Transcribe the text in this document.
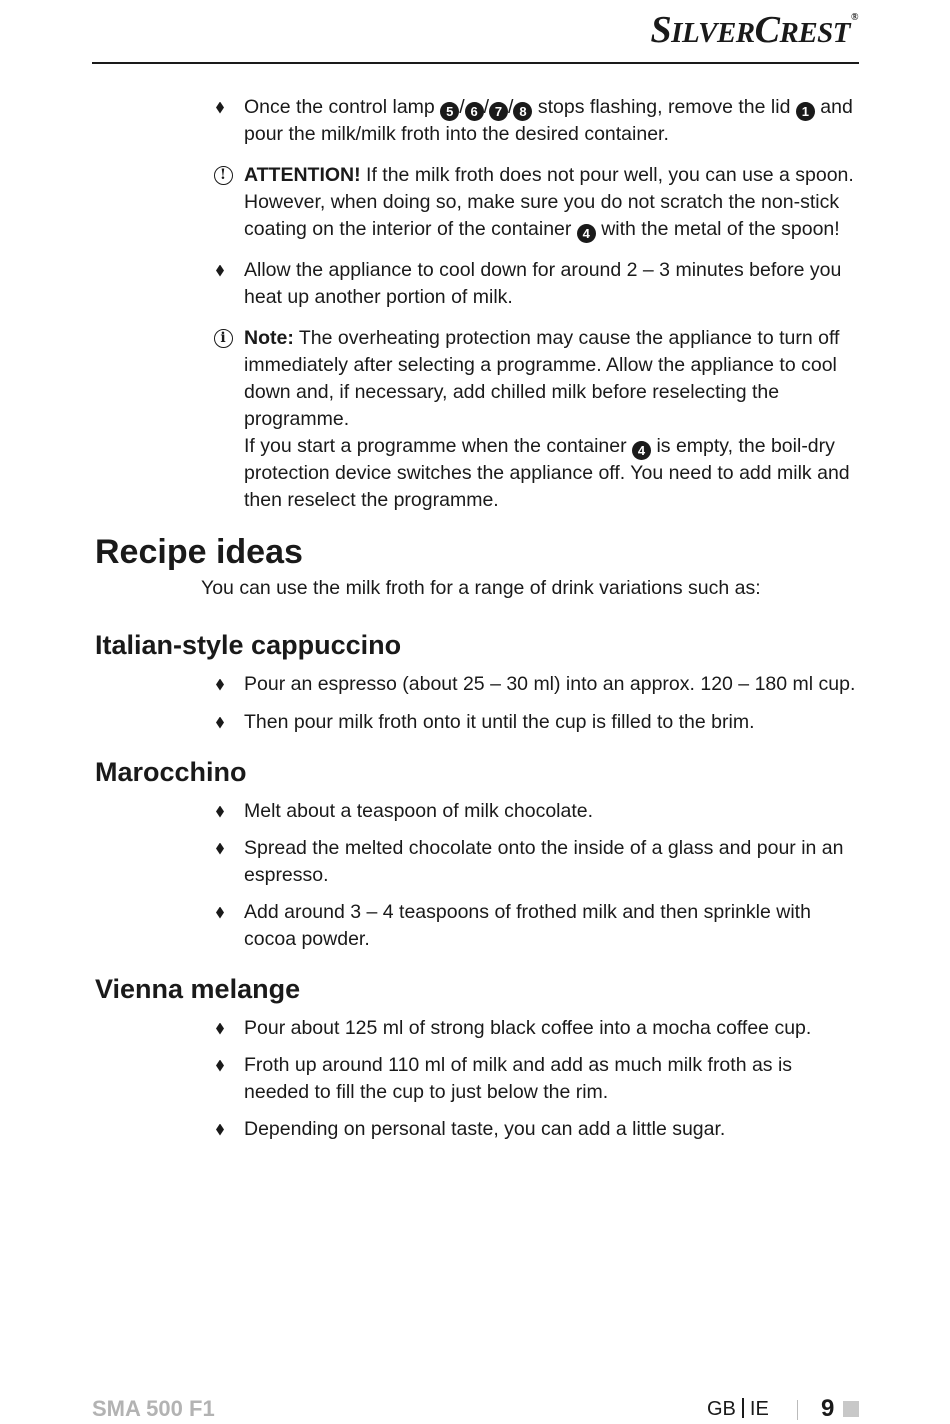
SILVERCREST®
Once the control lamp 5 / 6 / 7 / 8 stops flashing, remove the lid 1 and pour the milk/milk froth into the desired container.
! ATTENTION! If the milk froth does not pour well, you can use a spoon. However, when doing so, make sure you do not scratch the non-stick coating on the interior of the container 4 with the metal of the spoon!
Allow the appliance to cool down for around 2 – 3 minutes before you heat up another portion of milk.
i Note: The overheating protection may cause the appliance to turn off immediately after selecting a programme. Allow the appliance to cool down and, if necessary, add chilled milk before reselecting the programme.
If you start a programme when the container 4 is empty, the boil-dry protection device switches the appliance off. You need to add milk and then reselect the programme.
Recipe ideas
You can use the milk froth for a range of drink variations such as:
Italian-style cappuccino
Pour an espresso (about 25 – 30 ml) into an approx. 120 – 180 ml cup.
Then pour milk froth onto it until the cup is filled to the brim.
Marocchino
Melt about a teaspoon of milk chocolate.
Spread the melted chocolate onto the inside of a glass and pour in an espresso.
Add around 3 – 4 teaspoons of frothed milk and then sprinkle with cocoa powder.
Vienna melange
Pour about 125 ml of strong black coffee into a mocha coffee cup.
Froth up around 110 ml of milk and add as much milk froth as is needed to fill the cup to just below the rim.
Depending on personal taste, you can add a little sugar.
SMA 500 F1	GB IE 9
